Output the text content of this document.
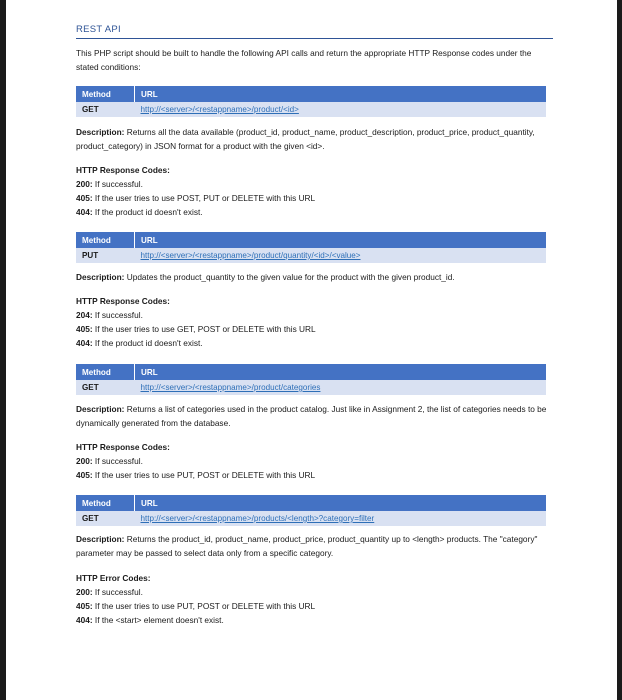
REST API
This PHP script should be built to handle the following API calls and return the appropriate HTTP Response codes under the stated conditions:
Method	URL
GET	http://<server>/<restappname>/product/<id>
Description: Returns all the data available (product_id, product_name, product_description, product_price, product_quantity, product_category) in JSON format for a product with the given <id>.
HTTP Response Codes:
200: If successful.
405: If the user tries to use POST, PUT or DELETE with this URL
404: If the product id doesn't exist.
Method	URL
PUT	http://<server>/<restappname>/product/quantity/<id>/<value>
Description: Updates the product_quantity to the given value for the product with the given product_id.
HTTP Response Codes:
204: If successful.
405: If the user tries to use GET, POST or DELETE with this URL
404: If the product id doesn't exist.
Method	URL
GET	http://<server>/<restappname>/product/categories
Description: Returns a list of categories used in the product catalog. Just like in Assignment 2, the list of categories needs to be dynamically generated from the database.
HTTP Response Codes:
200: If successful.
405: If the user tries to use PUT, POST or DELETE with this URL
Method	URL
GET	http://<server>/<restappname>/products/<length>?category=filter
Description: Returns the product_id, product_name, product_price, product_quantity up to <length> products. The "category" parameter may be passed to select data only from a specific category.
HTTP Error Codes:
200: If successful.
405: If the user tries to use PUT, POST or DELETE with this URL
404: If the <start> element doesn't exist.
